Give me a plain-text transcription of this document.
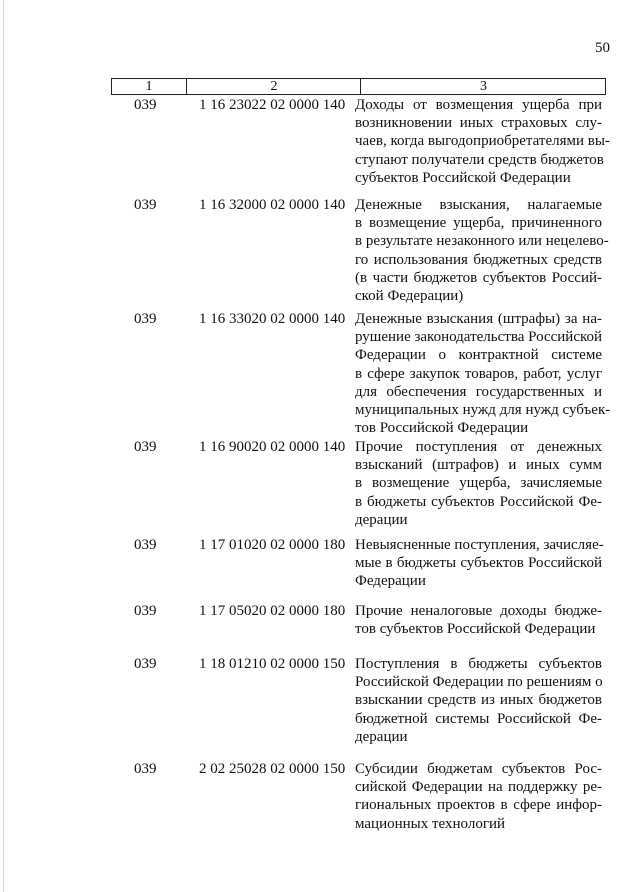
50
1	2	3
039	1 16 23022 02 0000 140 Доходы от возмещения ущерба при
возникновении иных страховых слу-
чаев, когда выгодоприобретателями вы-
ступают получатели средств бюджетов
субъектов Российской Федерации
039	1 16 32000 02 0000 140 Денежные взыскания, налагаемые
в возмещение ущерба, причиненного
в результате незаконного или нецелево-
го использования бюджетных средств
(в части бюджетов субъектов Россий-
ской Федерации)
039	1 16 33020 02 0000 140 Денежные взыскания (штрафы) за на-
рушение законодательства Российской
Федерации о контрактной системе
в сфере закупок товаров, работ, услуг
для обеспечения государственных и
муниципальных нужд для нужд субъек-
тов Российской Федерации
039	1 16 90020 02 0000 140 Прочие поступления от денежных
взысканий (штрафов) и иных сумм
в возмещение ущерба, зачисляемые
в бюджеты субъектов Российской Фе-
дерации
039	1 17 01020 02 0000 180 Невыясненные поступления, зачисляе-
мые в бюджеты субъектов Российской
Федерации
039	1 17 05020 02 0000 180 Прочие неналоговые доходы бюдже-
тов субъектов Российской Федерации
039	1 18 01210 02 0000 150 Поступления в бюджеты субъектов
Российской Федерации по решениям о
взыскании средств из иных бюджетов
бюджетной системы Российской Фе-
дерации
039	2 02 25028 02 0000 150 Субсидии бюджетам субъектов Рос-
сийской Федерации на поддержку ре-
гиональных проектов в сфере инфор-
мационных технологий
